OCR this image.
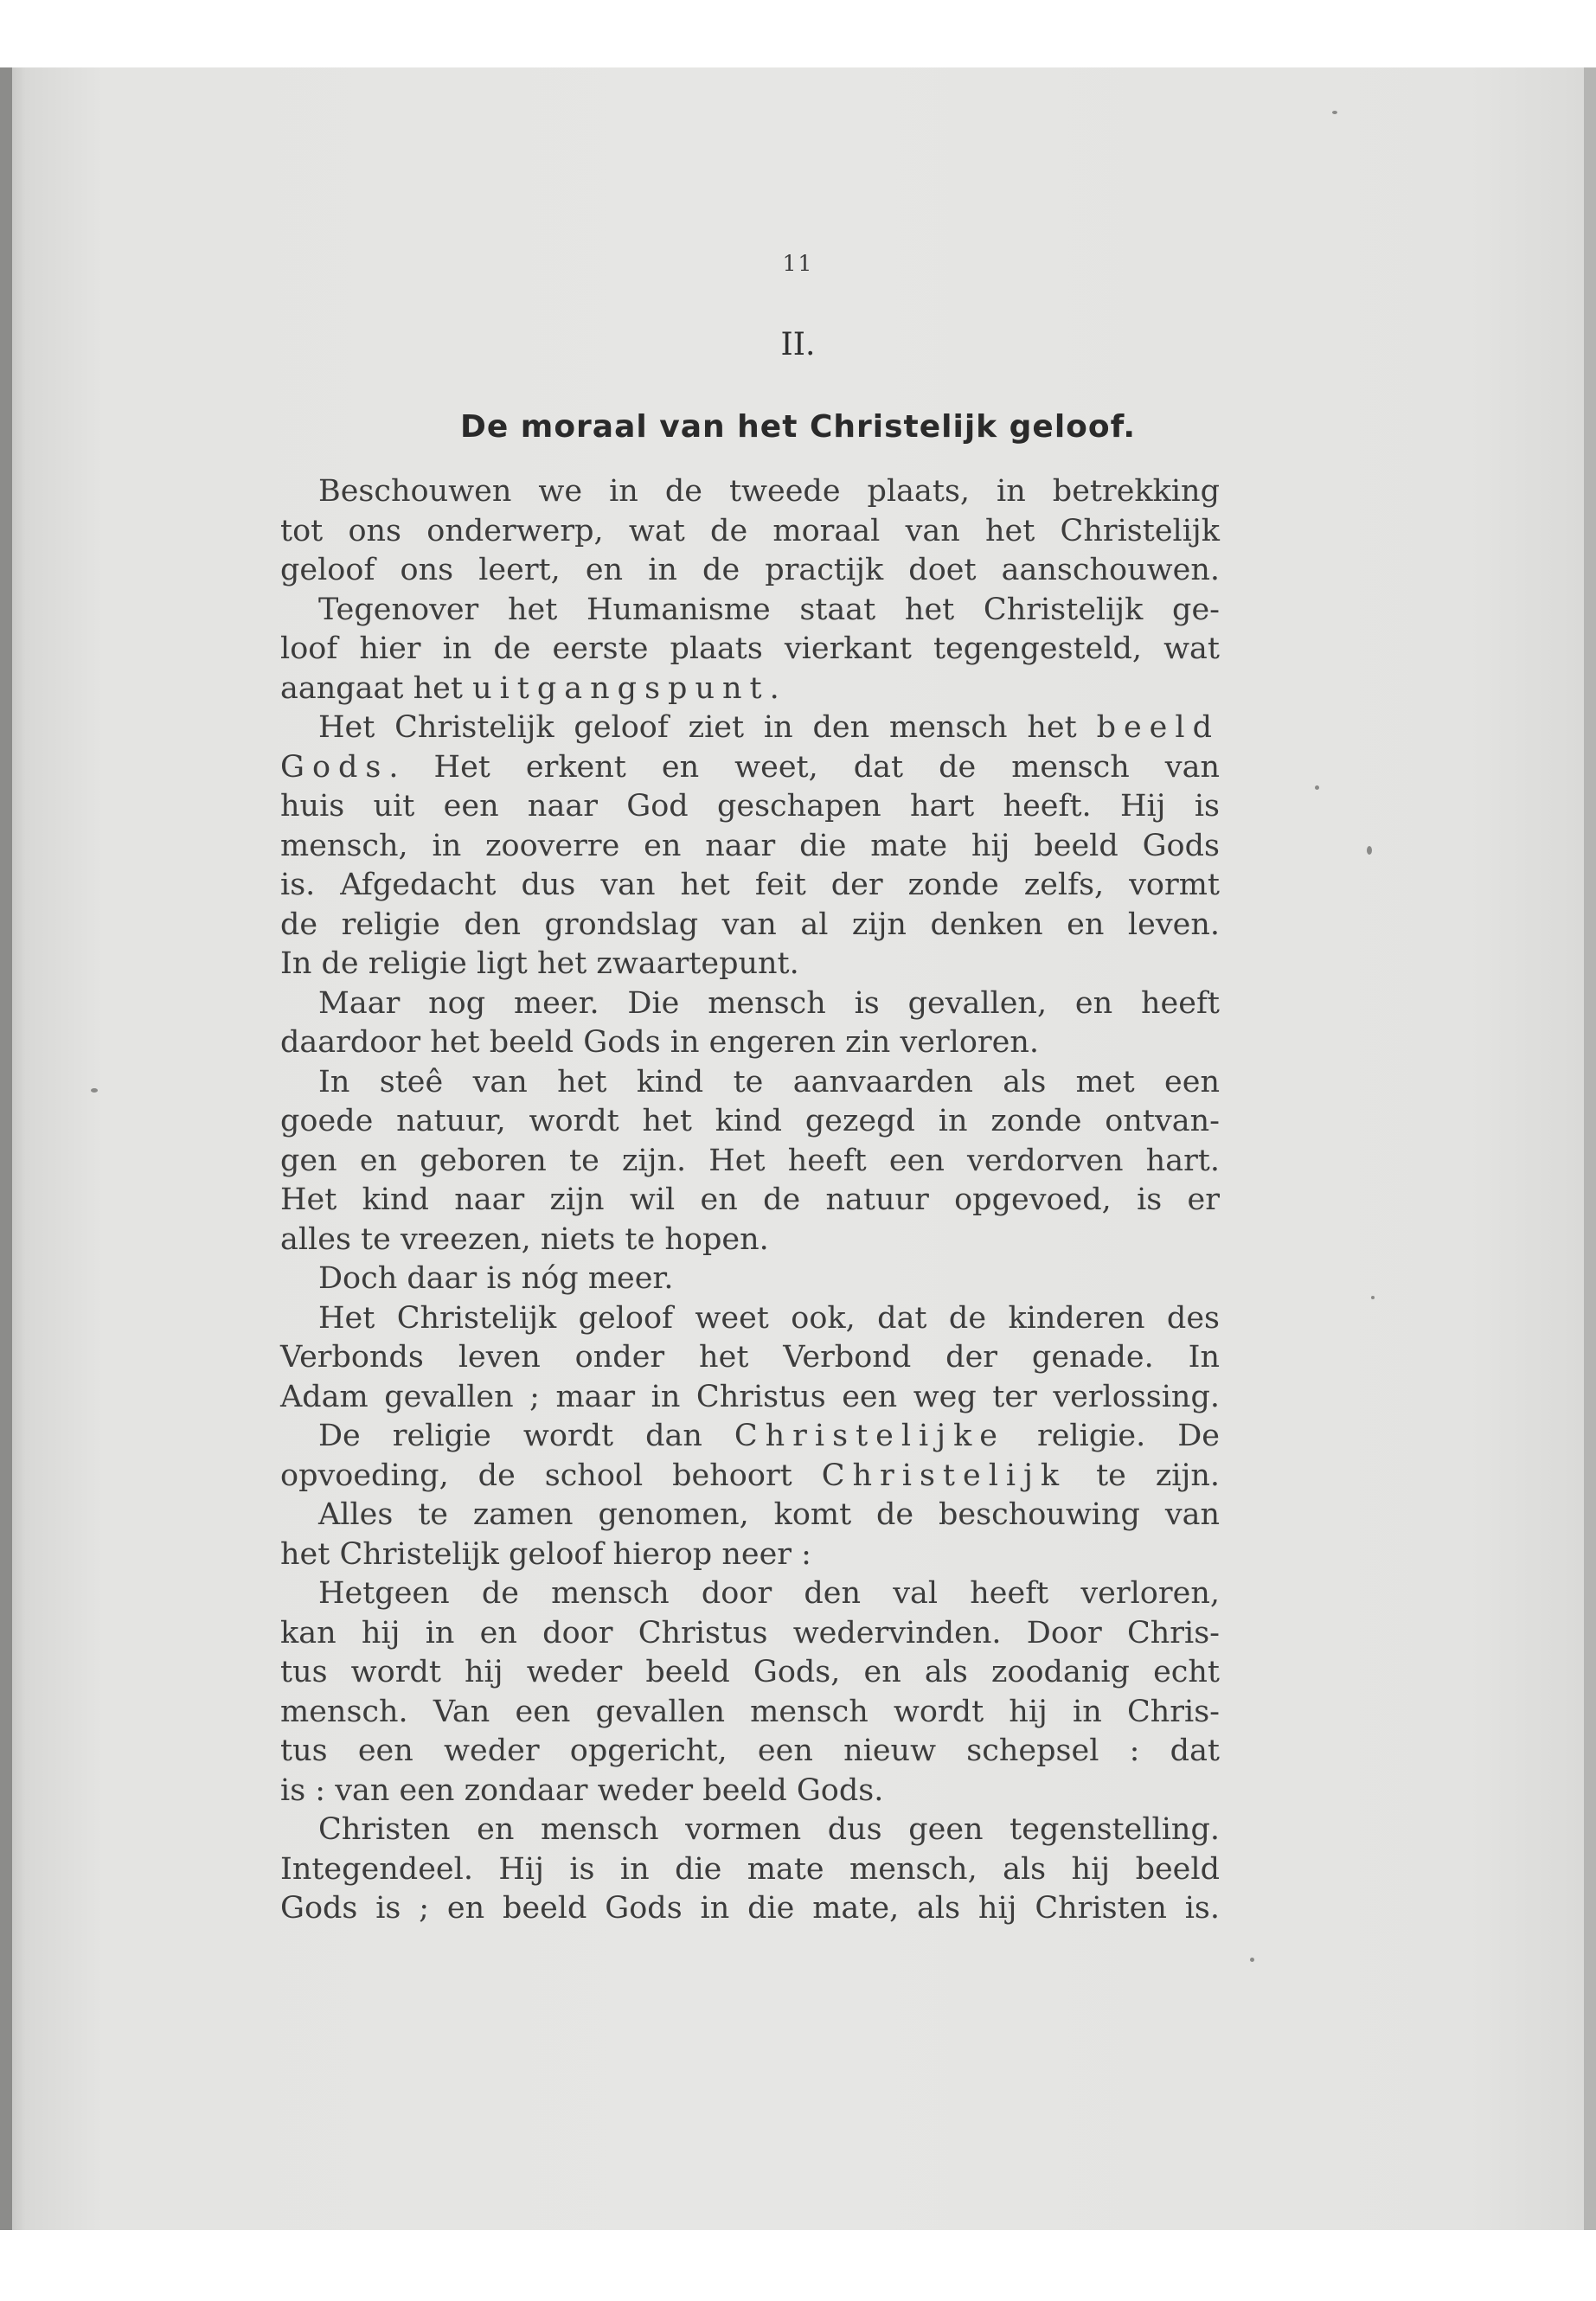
11
II.
De moraal van het Christelijk geloof.
Beschouwen we in de tweede plaats, in betrekking
tot ons onderwerp, wat de moraal van het Christelijk
geloof ons leert, en in de practijk doet aanschouwen.
Tegenover het Humanisme staat het Christelijk ge-
loof hier in de eerste plaats vierkant tegengesteld, wat
aangaat het uitgangspunt.
Het Christelijk geloof ziet in den mensch het beeld
Gods. Het erkent en weet, dat de mensch van
huis uit een naar God geschapen hart heeft. Hij is
mensch, in zooverre en naar die mate hij beeld Gods
is. Afgedacht dus van het feit der zonde zelfs, vormt
de religie den grondslag van al zijn denken en leven.
In de religie ligt het zwaartepunt.
Maar nog meer. Die mensch is gevallen, en heeft
daardoor het beeld Gods in engeren zin verloren.
In steê van het kind te aanvaarden als met een
goede natuur, wordt het kind gezegd in zonde ontvan-
gen en geboren te zijn. Het heeft een verdorven hart.
Het kind naar zijn wil en de natuur opgevoed, is er
alles te vreezen, niets te hopen.
Doch daar is nóg meer.
Het Christelijk geloof weet ook, dat de kinderen des
Verbonds leven onder het Verbond der genade. In
Adam gevallen ; maar in Christus een weg ter verlossing.
De religie wordt dan Christelijke religie. De
opvoeding, de school behoort Christelijk te zijn.
Alles te zamen genomen, komt de beschouwing van
het Christelijk geloof hierop neer :
Hetgeen de mensch door den val heeft verloren,
kan hij in en door Christus wedervinden. Door Chris-
tus wordt hij weder beeld Gods, en als zoodanig echt
mensch. Van een gevallen mensch wordt hij in Chris-
tus een weder opgericht, een nieuw schepsel : dat
is : van een zondaar weder beeld Gods.
Christen en mensch vormen dus geen tegenstelling.
Integendeel. Hij is in die mate mensch, als hij beeld
Gods is ; en beeld Gods in die mate, als hij Christen is.
